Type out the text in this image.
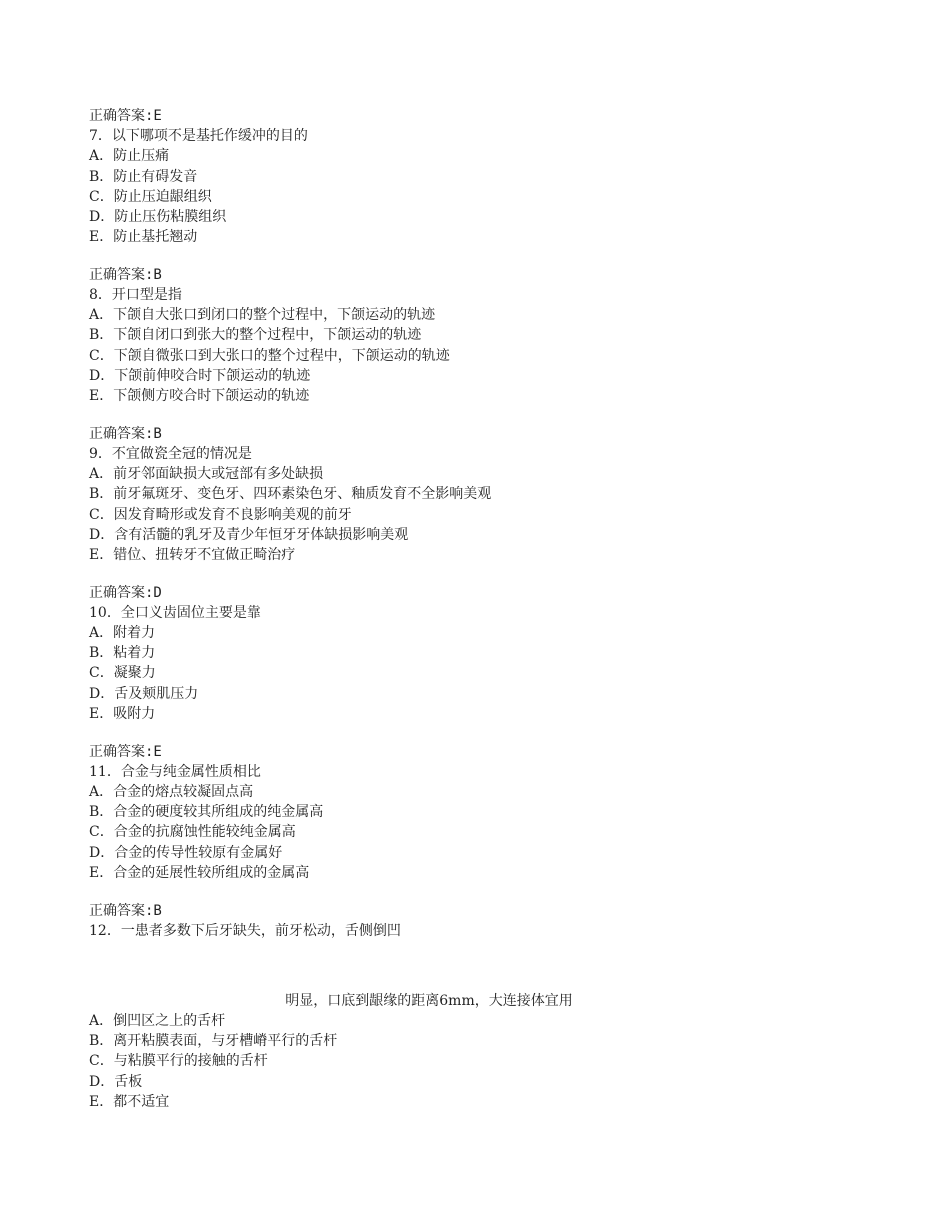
正确答案:E
7．以下哪项不是基托作缓冲的目的
A．防止压痛
B．防止有碍发音
C．防止压迫龈组织
D．防止压伤粘膜组织
E．防止基托翘动
正确答案:B
8．开口型是指
A．下颌自大张口到闭口的整个过程中，下颌运动的轨迹
B．下颌自闭口到张大的整个过程中，下颌运动的轨迹
C．下颌自微张口到大张口的整个过程中，下颌运动的轨迹
D．下颌前伸咬合时下颌运动的轨迹
E．下颌侧方咬合时下颌运动的轨迹
正确答案:B
9．不宜做瓷全冠的情况是
A．前牙邻面缺损大或冠部有多处缺损
B．前牙氟斑牙、变色牙、四环素染色牙、釉质发育不全影响美观
C．因发育畸形或发育不良影响美观的前牙
D．含有活髓的乳牙及青少年恒牙牙体缺损影响美观
E．错位、扭转牙不宜做正畸治疗
正确答案:D
10．全口义齿固位主要是靠
A．附着力
B．粘着力
C．凝聚力
D．舌及颊肌压力
E．吸附力
正确答案:E
11．合金与纯金属性质相比
A．合金的熔点较凝固点高
B．合金的硬度较其所组成的纯金属高
C．合金的抗腐蚀性能较纯金属高
D．合金的传导性较原有金属好
E．合金的延展性较所组成的金属高
正确答案:B
12．一患者多数下后牙缺失，前牙松动，舌侧倒凹
明显，口底到龈缘的距离6mm，大连接体宜用
A．倒凹区之上的舌杆
B．离开粘膜表面，与牙槽嵴平行的舌杆
C．与粘膜平行的接触的舌杆
D．舌板
E．都不适宜
